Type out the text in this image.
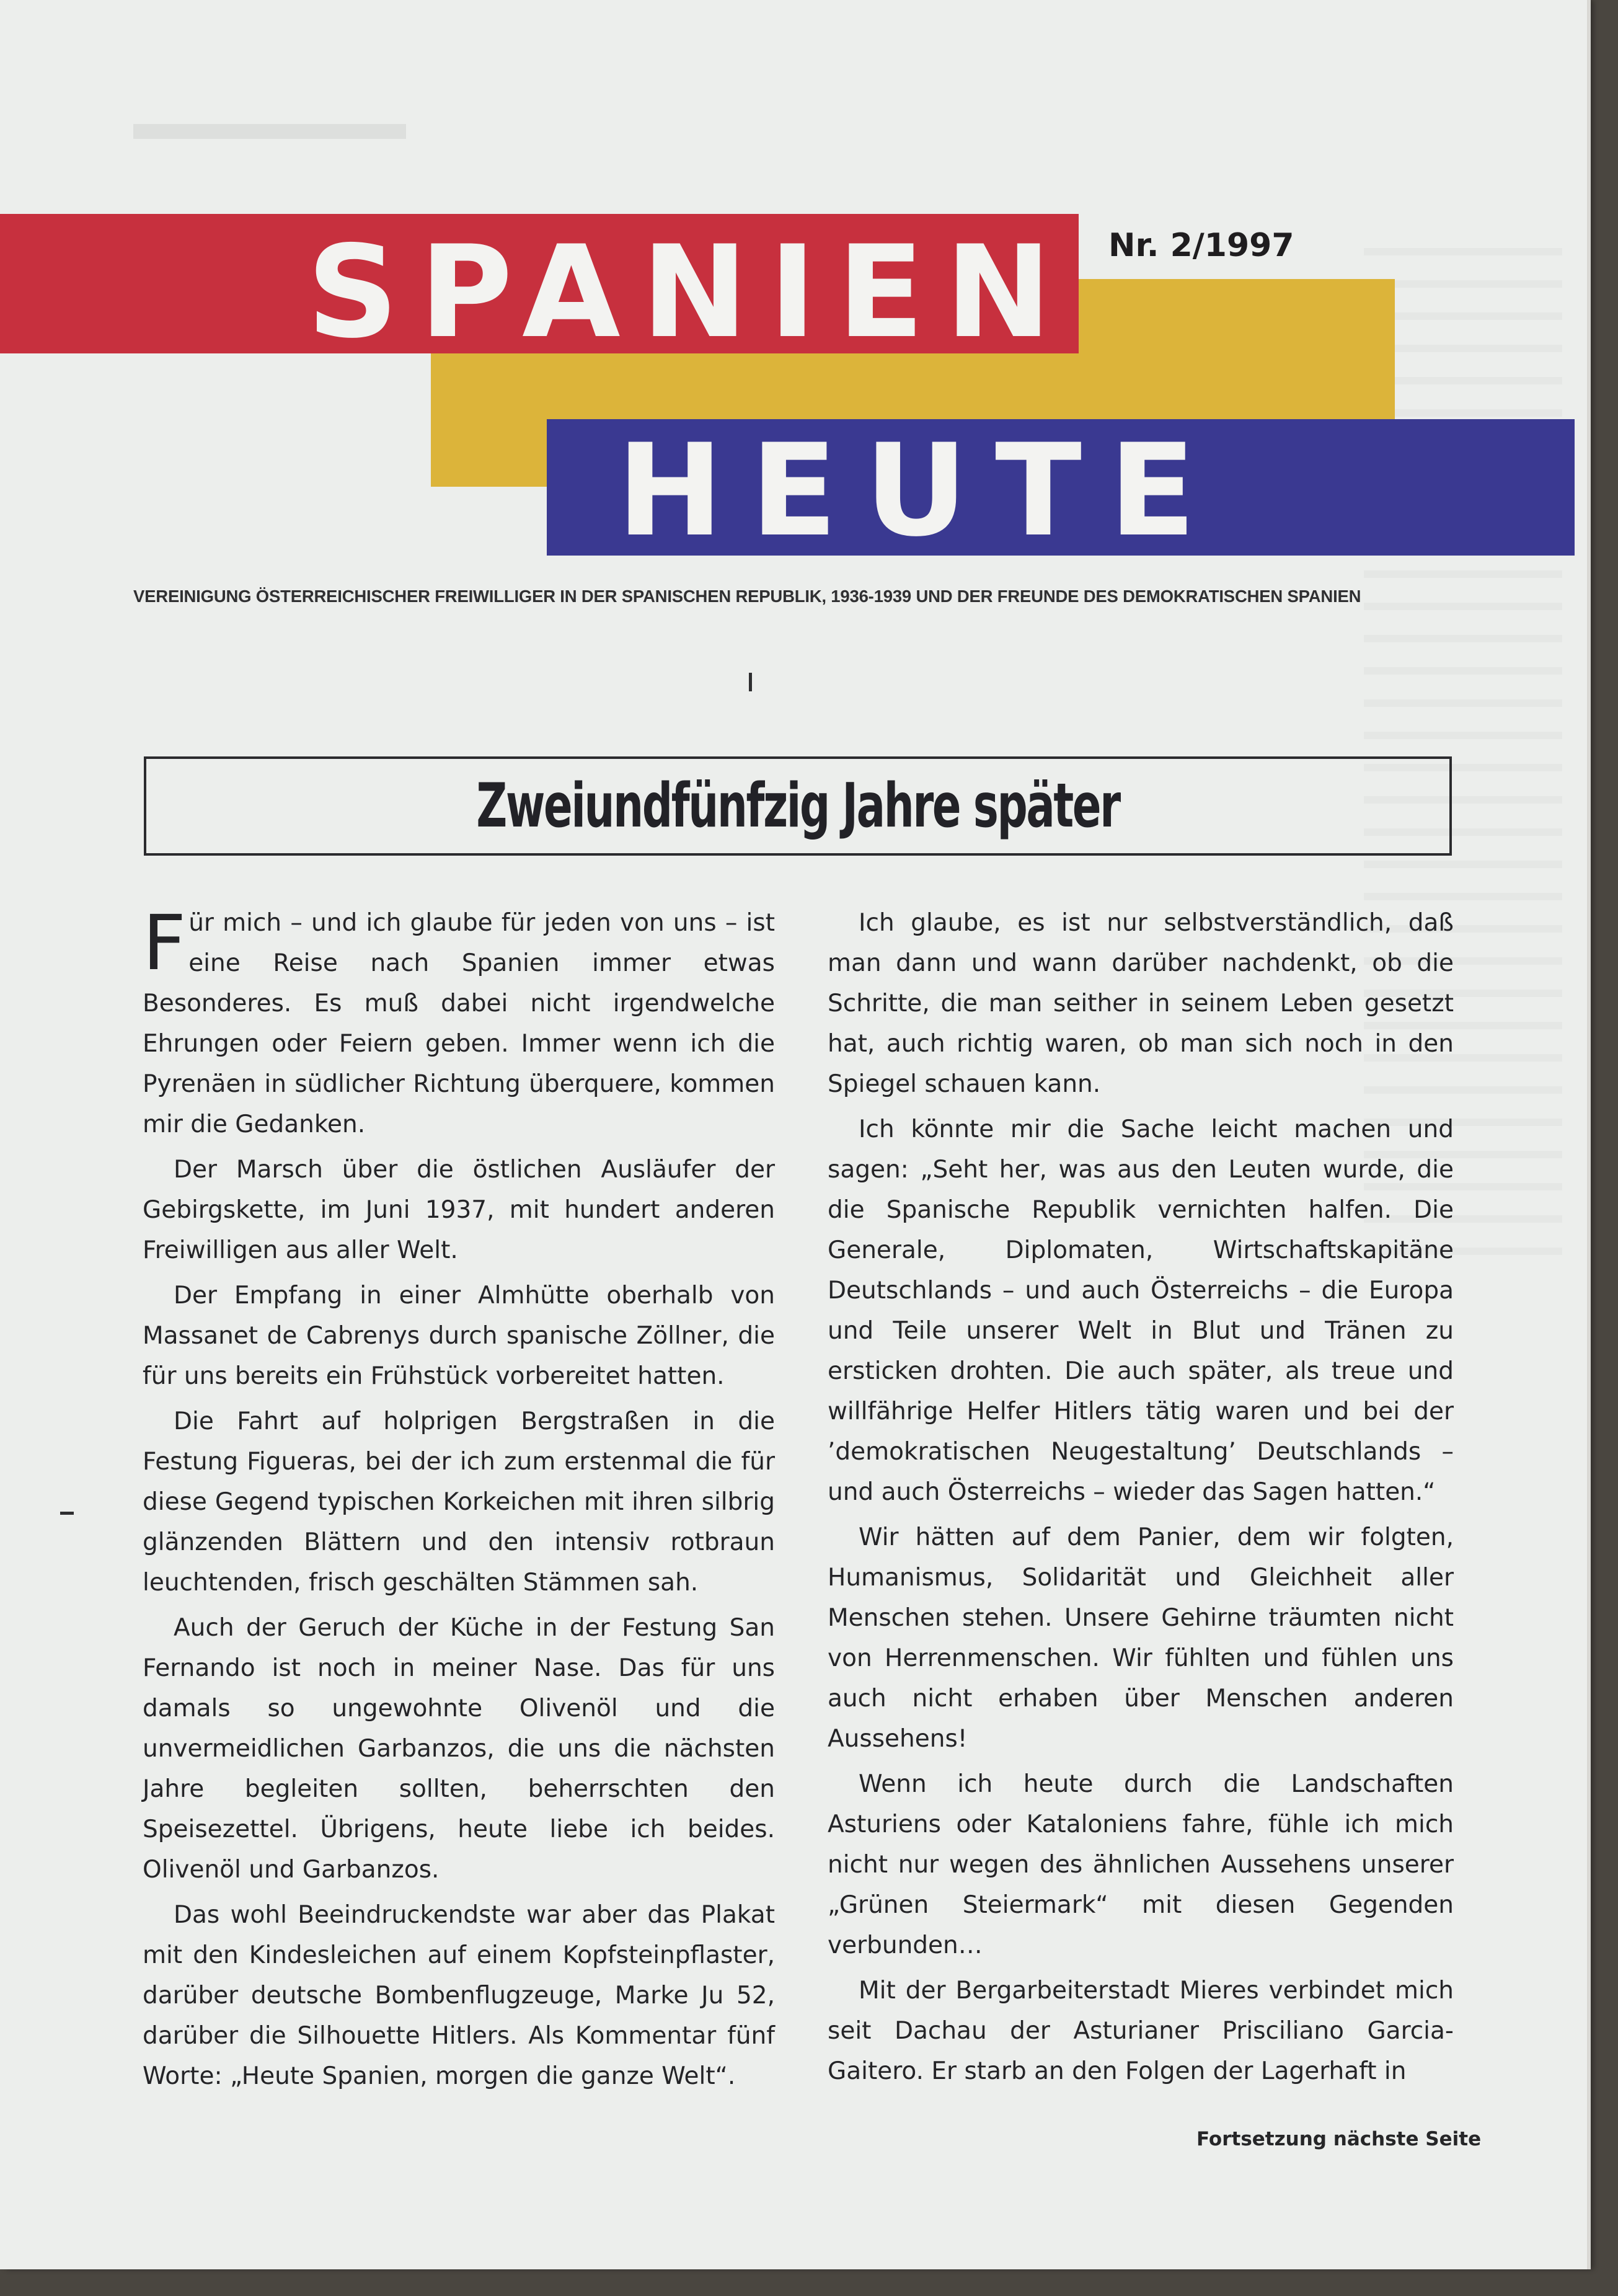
SPANIEN
HEUTE
Nr. 2/1997
VEREINIGUNG ÖSTERREICHISCHER FREIWILLIGER IN DER SPANISCHEN REPUBLIK, 1936-1939 UND DER FREUNDE DES DEMOKRATISCHEN SPANIEN
Zweiundfünfzig Jahre später

Für mich – und ich glaube für jeden von uns – ist eine Reise nach Spanien immer etwas Besonderes. Es muß dabei nicht irgendwelche Ehrungen oder Feiern geben. Immer wenn ich die Pyrenäen in südlicher Richtung überquere, kommen mir die Gedanken.

Der Marsch über die östlichen Ausläufer der Gebirgskette, im Juni 1937, mit hundert anderen Freiwilligen aus aller Welt.

Der Empfang in einer Almhütte oberhalb von Massanet de Cabrenys durch spanische Zöllner, die für uns bereits ein Frühstück vorbereitet hatten.

Die Fahrt auf holprigen Bergstraßen in die Festung Figueras, bei der ich zum erstenmal die für diese Gegend typischen Korkeichen mit ihren silbrig glänzenden Blättern und den intensiv rotbraun leuchtenden, frisch geschälten Stämmen sah.

Auch der Geruch der Küche in der Festung San Fernando ist noch in meiner Nase. Das für uns damals so ungewohnte Olivenöl und die unvermeidlichen Garbanzos, die uns die nächsten Jahre begleiten sollten, beherrschten den Speisezettel. Übrigens, heute liebe ich beides. Olivenöl und Garbanzos.

Das wohl Beeindruckendste war aber das Plakat mit den Kindesleichen auf einem Kopfsteinpflaster, darüber deutsche Bombenflugzeuge, Marke Ju 52, darüber die Silhouette Hitlers. Als Kommentar fünf Worte: „Heute Spanien, morgen die ganze Welt“.

Ich glaube, es ist nur selbstverständlich, daß man dann und wann darüber nachdenkt, ob die Schritte, die man seither in seinem Leben gesetzt hat, auch richtig waren, ob man sich noch in den Spiegel schauen kann.

Ich könnte mir die Sache leicht machen und sagen: „Seht her, was aus den Leuten wurde, die die Spanische Republik vernichten halfen. Die Generale, Diplomaten, Wirtschaftskapitäne Deutschlands – und auch Österreichs – die Europa und Teile unserer Welt in Blut und Tränen zu ersticken drohten. Die auch später, als treue und willfährige Helfer Hitlers tätig waren und bei der ’demokratischen Neugestaltung’ Deutschlands – und auch Österreichs – wieder das Sagen hatten.“

Wir hätten auf dem Panier, dem wir folgten, Humanismus, Solidarität und Gleichheit aller Menschen stehen. Unsere Gehirne träumten nicht von Herrenmenschen. Wir fühlten und fühlen uns auch nicht erhaben über Menschen anderen Aussehens!

Wenn ich heute durch die Landschaften Asturiens oder Kataloniens fahre, fühle ich mich nicht nur wegen des ähnlichen Aussehens unserer „Grünen Steiermark“ mit diesen Gegenden verbunden…

Mit der Bergarbeiterstadt Mieres verbindet mich seit Dachau der Asturianer Prisciliano Garcia-Gaitero. Er starb an den Folgen der Lagerhaft in

Fortsetzung nächste Seite
